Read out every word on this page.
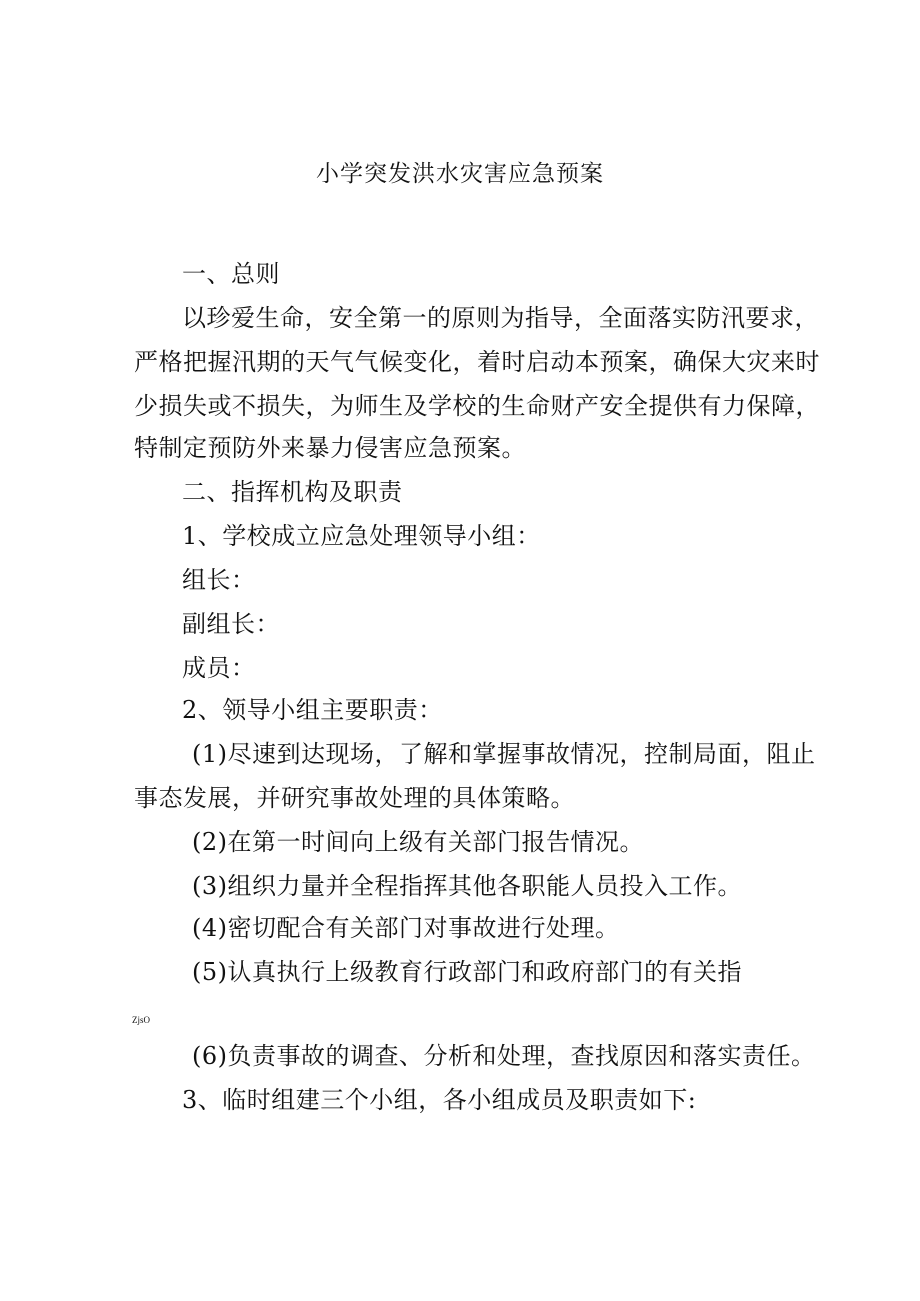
小学突发洪水灾害应急预案
一、总则
以珍爱生命，安全第一的原则为指导，全面落实防汛要求，
严格把握汛期的天气气候变化，着时启动本预案，确保大灾来时
少损失或不损失，为师生及学校的生命财产安全提供有力保障，
特制定预防外来暴力侵害应急预案。
二、指挥机构及职责
1、学校成立应急处理领导小组：
组长：
副组长：
成员：
2、领导小组主要职责：
(1)尽速到达现场，了解和掌握事故情况，控制局面，阻止
事态发展，并研究事故处理的具体策略。
(2)在第一时间向上级有关部门报告情况。
(3)组织力量并全程指挥其他各职能人员投入工作。
(4)密切配合有关部门对事故进行处理。
(5)认真执行上级教育行政部门和政府部门的有关指
ZjsO
(6)负责事故的调查、分析和处理，查找原因和落实责任。
3、临时组建三个小组，各小组成员及职责如下:
